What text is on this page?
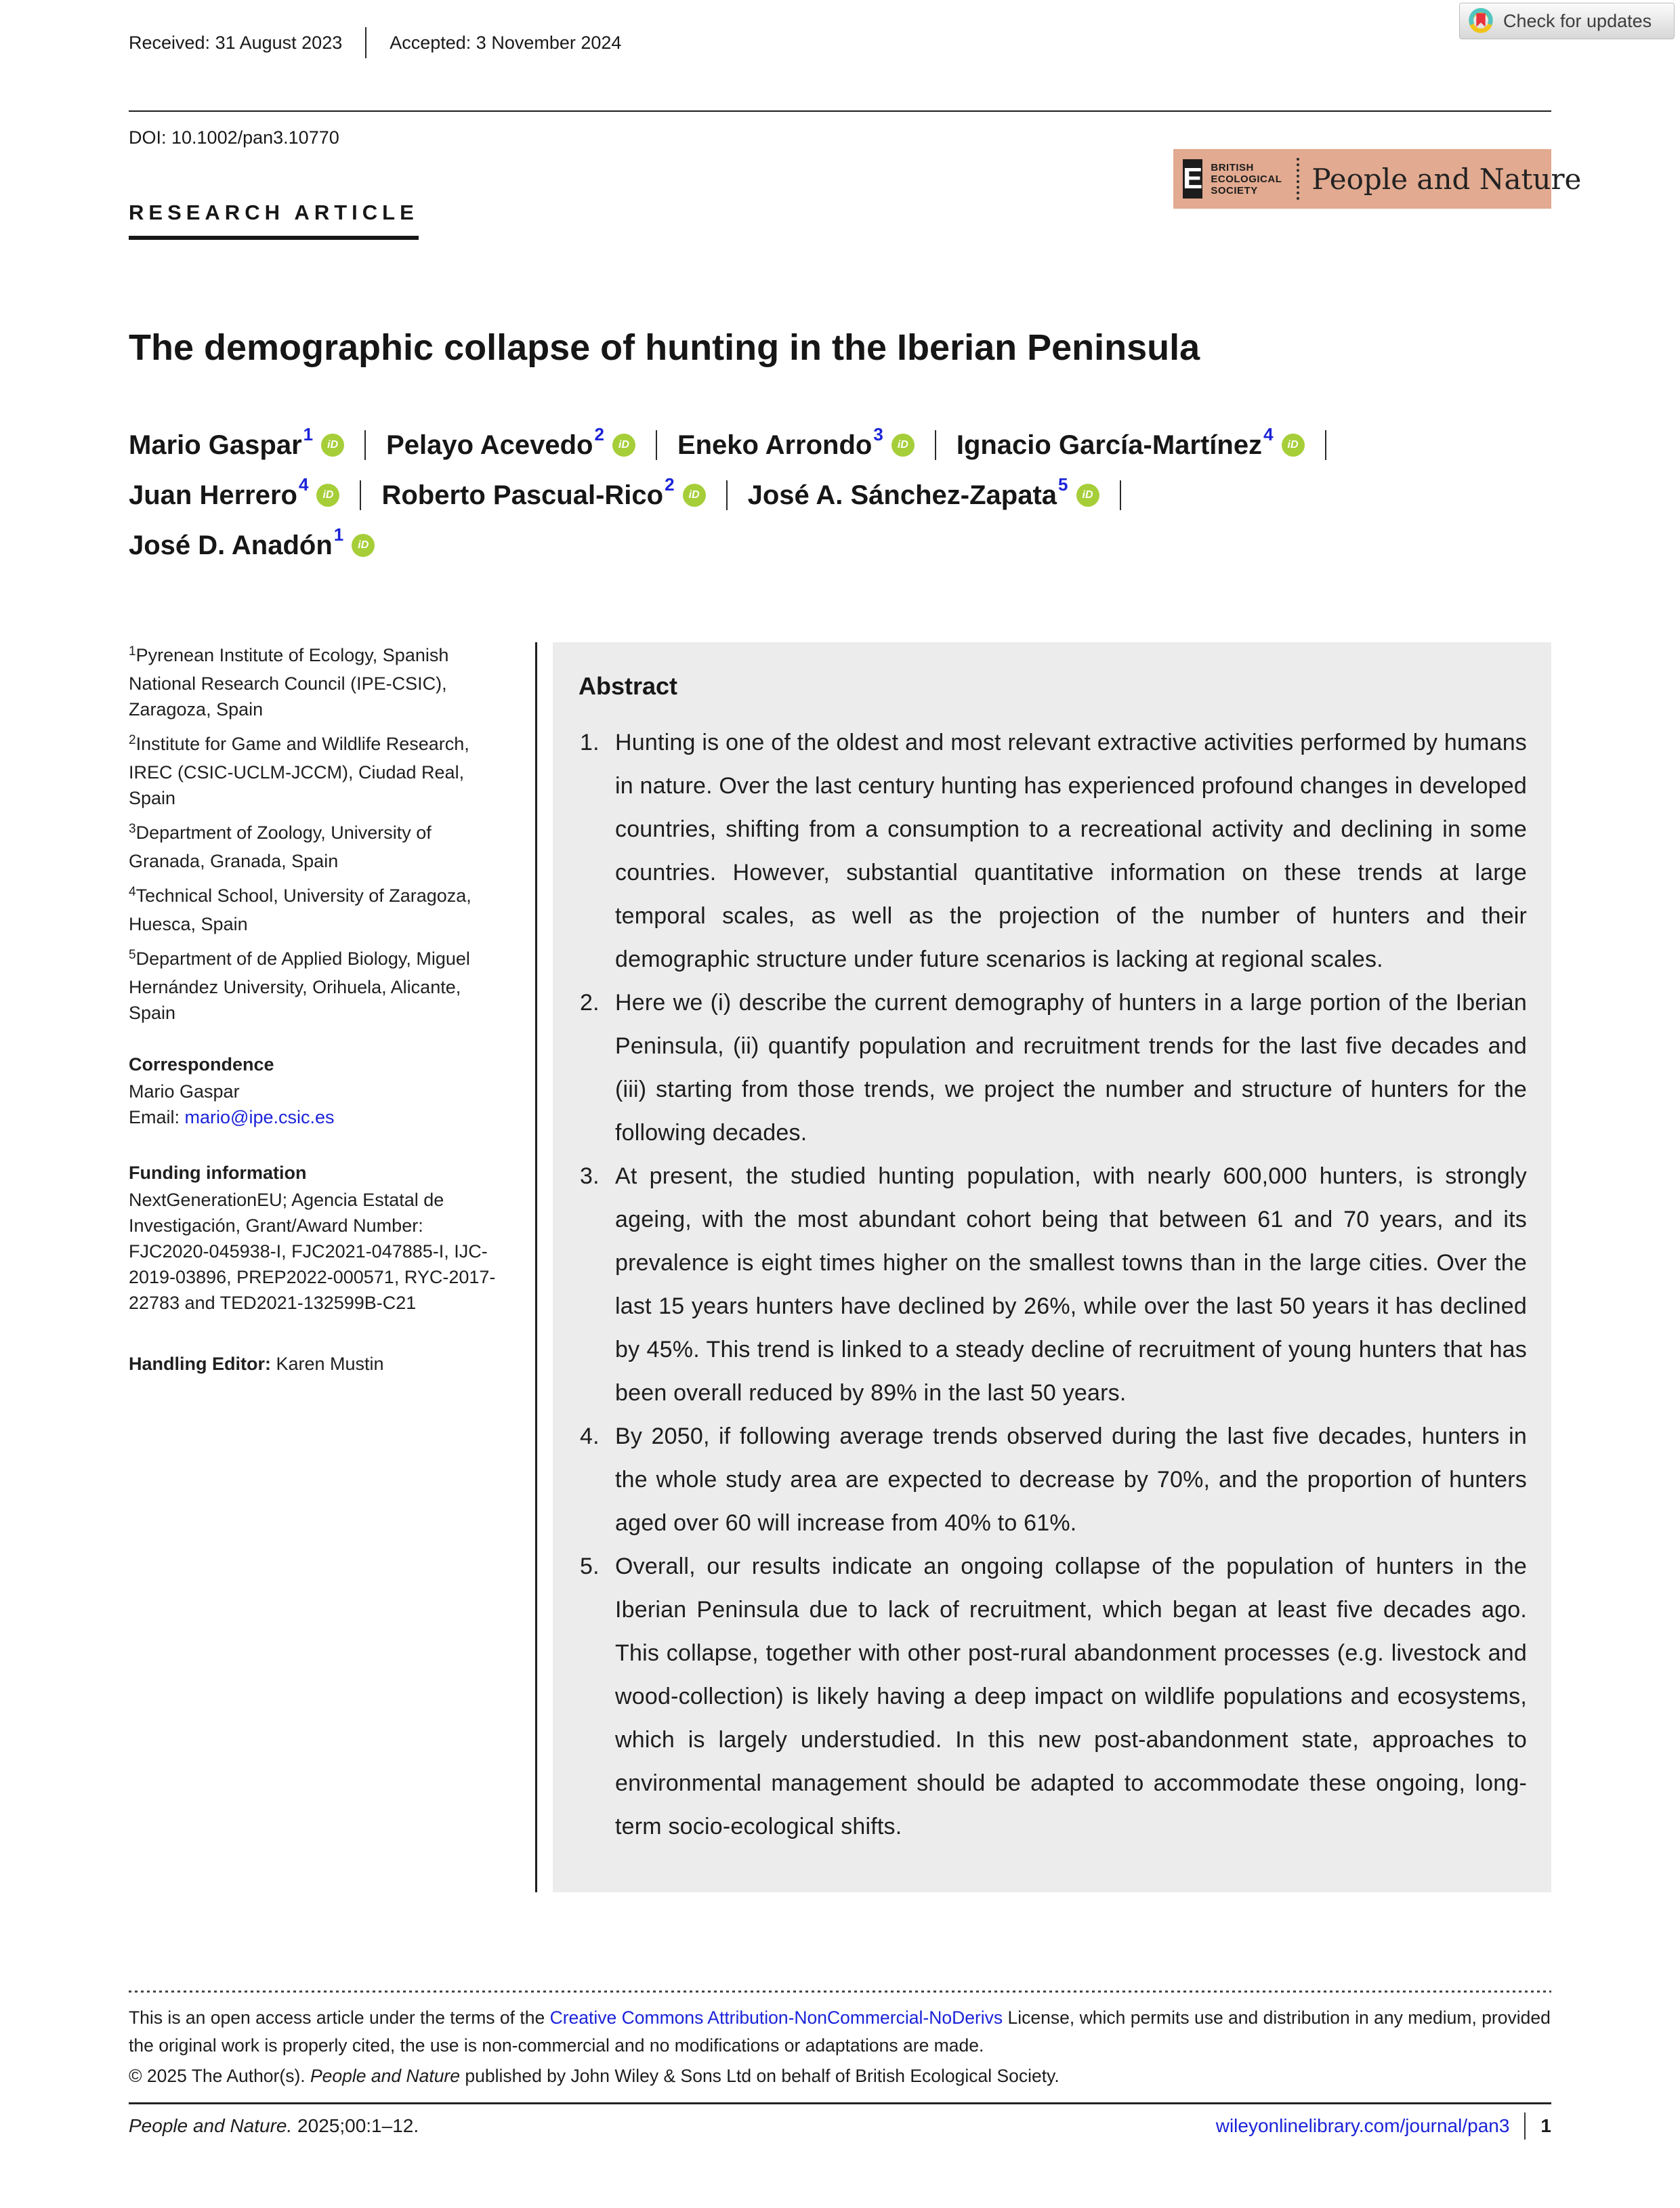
Check for updates
Received: 31 August 2023	Accepted: 3 November 2024
DOI: 10.1002/pan3.10770
E BRITISH
ECOLOGICAL
SOCIETY	People and Nature
RESEARCH ARTICLE
The demographic collapse of hunting in the Iberian Peninsula
Mario Gaspar 1
iD Pelayo Acevedo 2
iD Eneko Arrondo 3
iD Ignacio García-Martínez 4
iD
Juan Herrero 4
iD Roberto Pascual-Rico 2
iD José A. Sánchez-Zapata 5
iD
José D. Anadón 1
iD

$^1$Pyrenean Institute of Ecology, Spanish National Research Council (IPE-CSIC), Zaragoza, Spain

$^2$Institute for Game and Wildlife Research, IREC (CSIC-UCLM-JCCM), Ciudad Real, Spain

$^3$Department of Zoology, University of Granada, Granada, Spain

$^4$Technical School, University of Zaragoza, Huesca, Spain

$^5$Department of de Applied Biology, Miguel Hernández University, Orihuela, Alicante, Spain

Correspondence

Mario Gaspar

Email: mario@ipe.csic.es

Funding information

NextGenerationEU; Agencia Estatal de Investigación, Grant/Award Number: FJC2020-045938-I, FJC2021-047885-I, IJC-2019-03896, PREP2022-000571, RYC-2017-22783 and TED2021-132599B-C21

Handling Editor: Karen Mustin

Abstract
1. Hunting is one of the oldest and most relevant extractive activities performed by humans in nature. Over the last century hunting has experienced profound changes in developed countries, shifting from a consumption to a recreational activity and declining in some countries. However, substantial quantitative information on these trends at large temporal scales, as well as the projection of the number of hunters and their demographic structure under future scenarios is lacking at regional scales.
2. Here we (i) describe the current demography of hunters in a large portion of the Iberian Peninsula, (ii) quantify population and recruitment trends for the last five decades and (iii) starting from those trends, we project the number and structure of hunters for the following decades.
3. At present, the studied hunting population, with nearly 600,000 hunters, is strongly ageing, with the most abundant cohort being that between 61 and 70 years, and its prevalence is eight times higher on the smallest towns than in the large cities. Over the last 15 years hunters have declined by 26%, while over the last 50 years it has declined by 45%. This trend is linked to a steady decline of recruitment of young hunters that has been overall reduced by 89% in the last 50 years.
4. By 2050, if following average trends observed during the last five decades, hunters in the whole study area are expected to decrease by 70%, and the proportion of hunters aged over 60 will increase from 40% to 61%.
5. Overall, our results indicate an ongoing collapse of the population of hunters in the Iberian Peninsula due to lack of recruitment, which began at least five decades ago. This collapse, together with other post-rural abandonment processes (e.g. livestock and wood-collection) is likely having a deep impact on wildlife populations and ecosystems, which is largely understudied. In this new post-abandonment state, approaches to environmental management should be adapted to accommodate these ongoing, long-term socio-ecological shifts.

This is an open access article under the terms of the Creative Commons Attribution-NonCommercial-NoDerivs License, which permits use and distribution in any medium, provided the original work is properly cited, the use is non-commercial and no modifications or adaptations are made.

© 2025 The Author(s). People and Nature published by John Wiley & Sons Ltd on behalf of British Ecological Society.

People and Nature. 2025;00:1–12.	wileyonlinelibrary.com/journal/pan3 1
